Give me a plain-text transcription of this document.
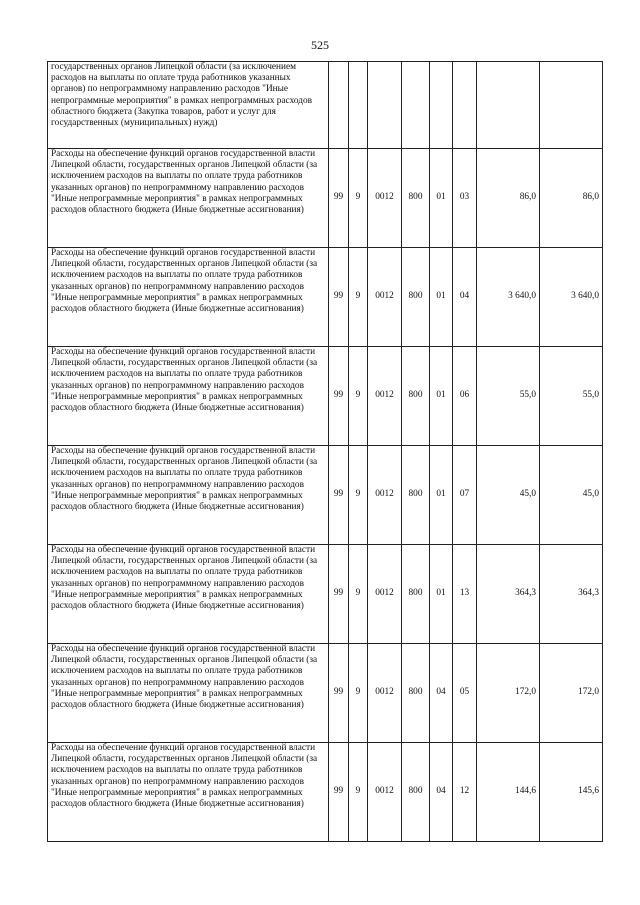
525
государственных органов Липецкой области (за исключением расходов на выплаты по оплате труда работников указанных органов) по непрограммному направлению расходов "Иные непрограммные мероприятия" в рамках непрограммных расходов областного бюджета (Закупка товаров, работ и услуг для государственных (муниципальных) нужд)								
Расходы на обеспечение функций органов государственной власти Липецкой области, государственных органов Липецкой области (за исключением расходов на выплаты по оплате труда работников указанных органов) по непрограммному направлению расходов "Иные непрограммные мероприятия" в рамках непрограммных расходов областного бюджета (Иные бюджетные ассигнования)	99	9	0012	800	01	03	86,0	86,0
Расходы на обеспечение функций органов государственной власти Липецкой области, государственных органов Липецкой области (за исключением расходов на выплаты по оплате труда работников указанных органов) по непрограммному направлению расходов "Иные непрограммные мероприятия" в рамках непрограммных расходов областного бюджета (Иные бюджетные ассигнования)	99	9	0012	800	01	04	3 640,0	3 640,0
Расходы на обеспечение функций органов государственной власти Липецкой области, государственных органов Липецкой области (за исключением расходов на выплаты по оплате труда работников указанных органов) по непрограммному направлению расходов "Иные непрограммные мероприятия" в рамках непрограммных расходов областного бюджета (Иные бюджетные ассигнования)	99	9	0012	800	01	06	55,0	55,0
Расходы на обеспечение функций органов государственной власти Липецкой области, государственных органов Липецкой области (за исключением расходов на выплаты по оплате труда работников указанных органов) по непрограммному направлению расходов "Иные непрограммные мероприятия" в рамках непрограммных расходов областного бюджета (Иные бюджетные ассигнования)	99	9	0012	800	01	07	45,0	45,0
Расходы на обеспечение функций органов государственной власти Липецкой области, государственных органов Липецкой области (за исключением расходов на выплаты по оплате труда работников указанных органов) по непрограммному направлению расходов "Иные непрограммные мероприятия" в рамках непрограммных расходов областного бюджета (Иные бюджетные ассигнования)	99	9	0012	800	01	13	364,3	364,3
Расходы на обеспечение функций органов государственной власти Липецкой области, государственных органов Липецкой области (за исключением расходов на выплаты по оплате труда работников указанных органов) по непрограммному направлению расходов "Иные непрограммные мероприятия" в рамках непрограммных расходов областного бюджета (Иные бюджетные ассигнования)	99	9	0012	800	04	05	172,0	172,0
Расходы на обеспечение функций органов государственной власти Липецкой области, государственных органов Липецкой области (за исключением расходов на выплаты по оплате труда работников указанных органов) по непрограммному направлению расходов "Иные непрограммные мероприятия" в рамках непрограммных расходов областного бюджета (Иные бюджетные ассигнования)	99	9	0012	800	04	12	144,6	145,6
